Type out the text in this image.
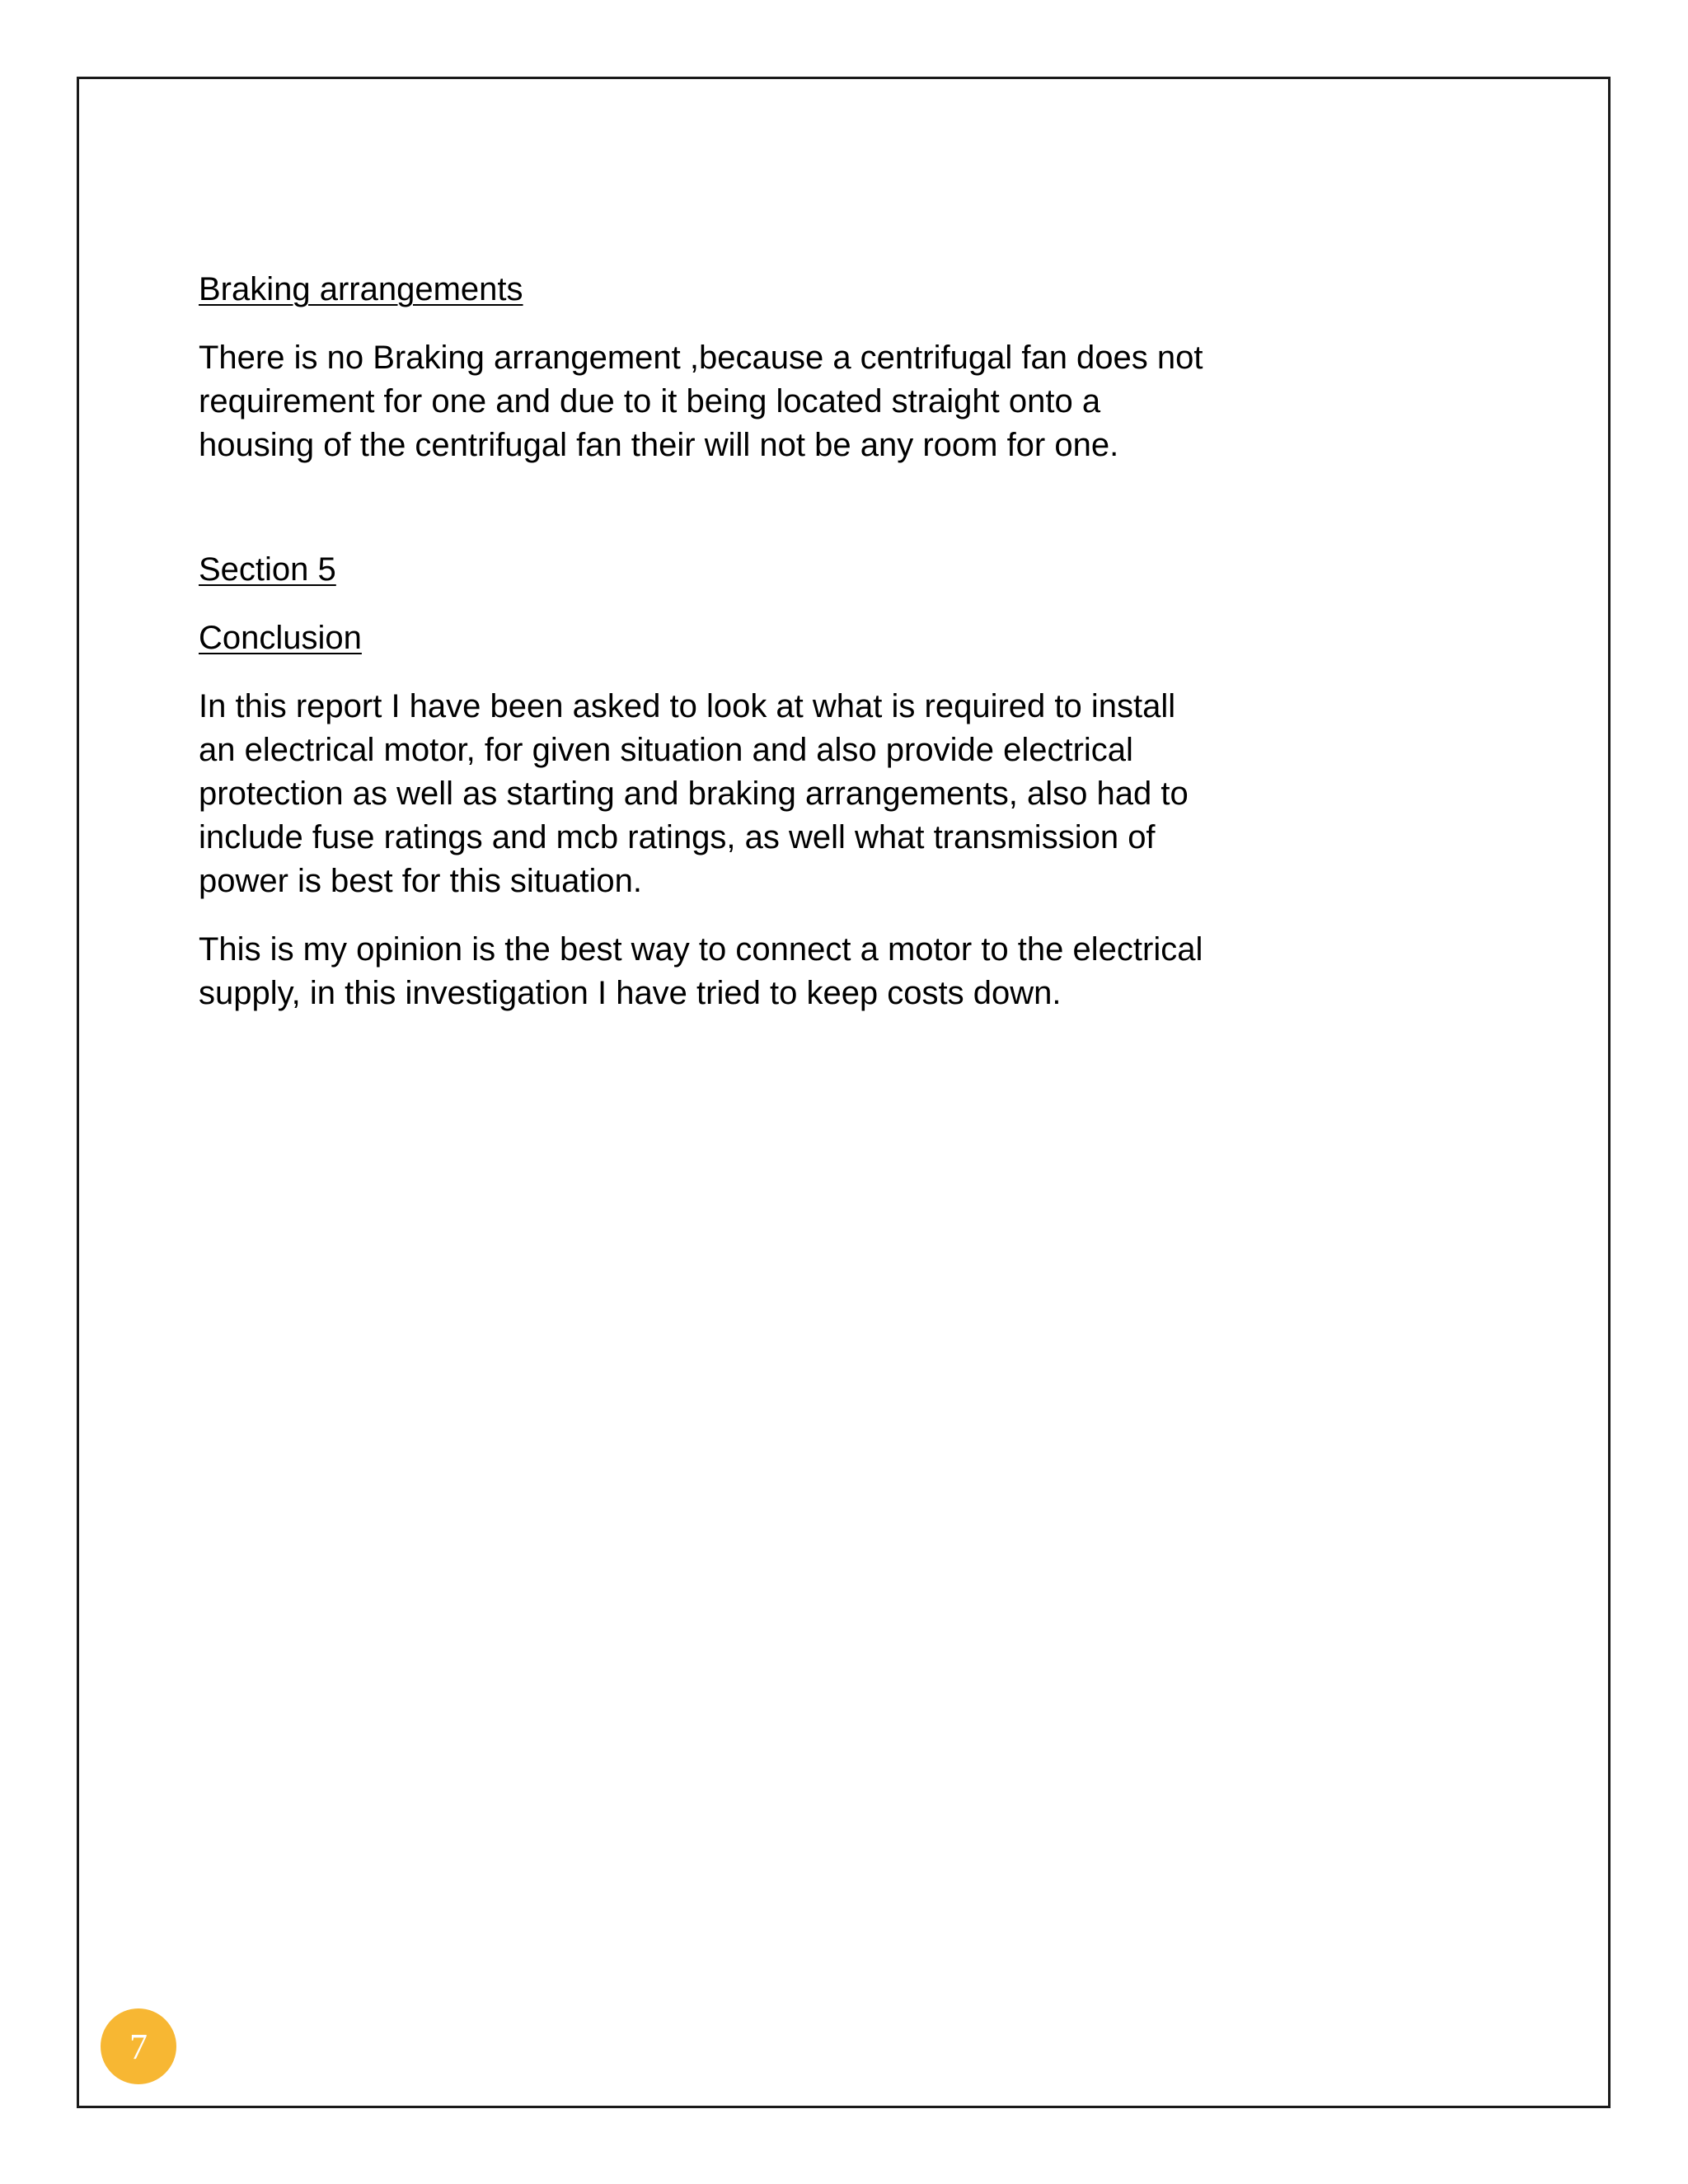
Braking arrangements

There is no Braking arrangement ,because a centrifugal fan does not requirement for one and due to it being located straight onto a housing of the centrifugal fan their will not be any room for one.

Section 5
Conclusion

In this report I have been asked to look at what is required to install an electrical motor, for given situation and also provide electrical protection as well as starting and braking arrangements, also had to include fuse ratings and mcb ratings, as well what transmission of power is best for this situation.

This is my opinion is the best way to connect a motor to the electrical supply, in this investigation I have tried to keep costs down.

7
